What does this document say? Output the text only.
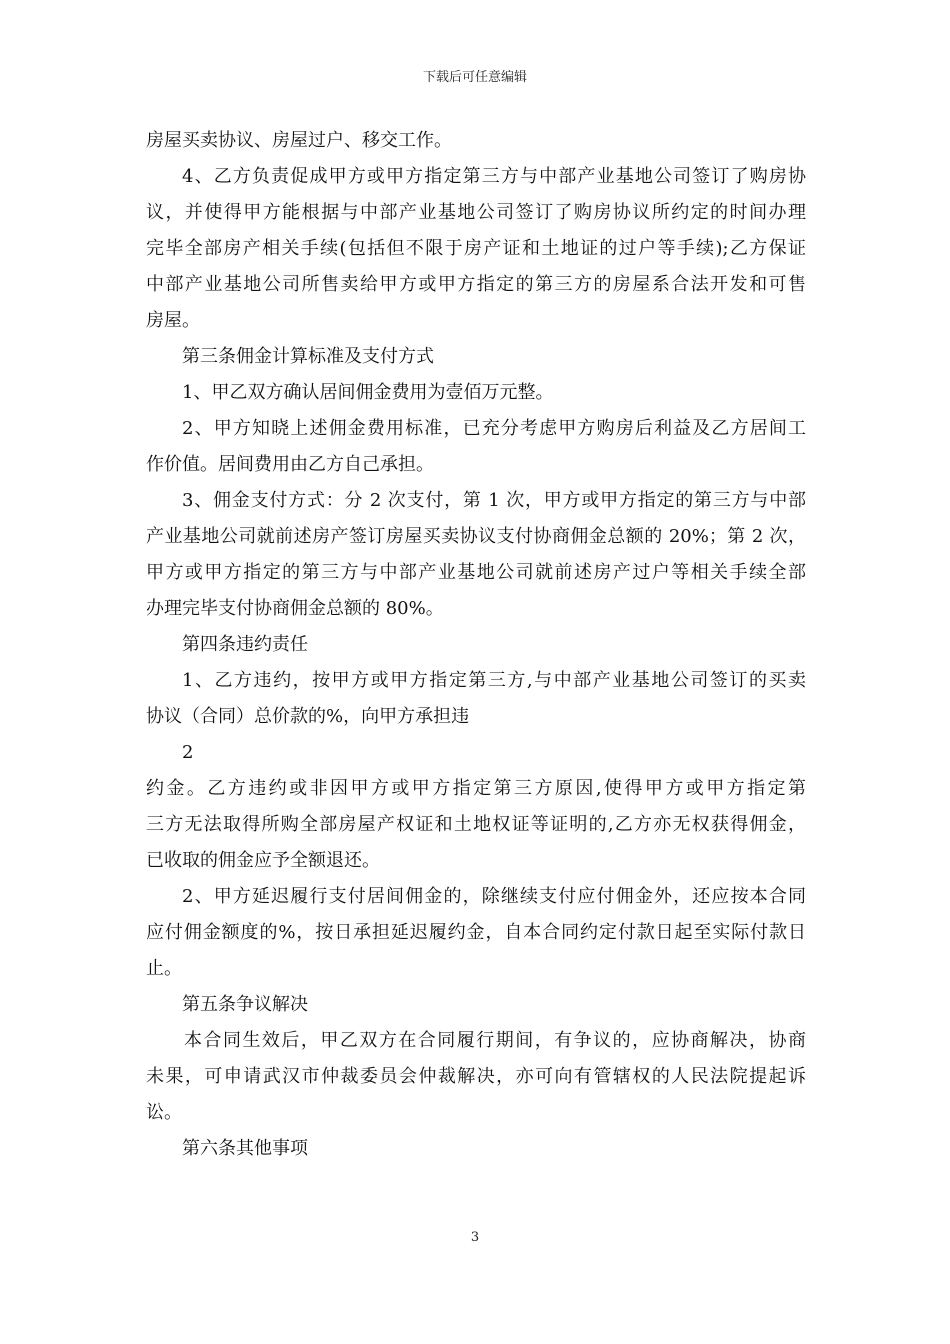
下载后可任意编辑
房屋买卖协议、房屋过户、移交工作。
4、乙方负责促成甲方或甲方指定第三方与中部产业基地公司签订了购房协
议，并使得甲方能根据与中部产业基地公司签订了购房协议所约定的时间办理
完毕全部房产相关手续(包括但不限于房产证和土地证的过户等手续);乙方保证
中部产业基地公司所售卖给甲方或甲方指定的第三方的房屋系合法开发和可售
房屋。
第三条佣金计算标准及支付方式
1、甲乙双方确认居间佣金费用为壹佰万元整。
2、甲方知晓上述佣金费用标准，已充分考虑甲方购房后利益及乙方居间工
作价值。居间费用由乙方自己承担。
3、佣金支付方式：分 2 次支付，第 1 次，甲方或甲方指定的第三方与中部
产业基地公司就前述房产签订房屋买卖协议支付协商佣金总额的 20%；第 2 次，
甲方或甲方指定的第三方与中部产业基地公司就前述房产过户等相关手续全部
办理完毕支付协商佣金总额的 80%。
第四条违约责任
1、乙方违约，按甲方或甲方指定第三方,与中部产业基地公司签订的买卖
协议（合同）总价款的%，向甲方承担违
2
约金。乙方违约或非因甲方或甲方指定第三方原因,使得甲方或甲方指定第
三方无法取得所购全部房屋产权证和土地权证等证明的,乙方亦无权获得佣金，
已收取的佣金应予全额退还。
2、甲方延迟履行支付居间佣金的，除继续支付应付佣金外，还应按本合同
应付佣金额度的%，按日承担延迟履约金，自本合同约定付款日起至实际付款日
止。
第五条争议解决
本合同生效后，甲乙双方在合同履行期间，有争议的，应协商解决，协商
未果，可申请武汉市仲裁委员会仲裁解决，亦可向有管辖权的人民法院提起诉
讼。
第六条其他事项
3
